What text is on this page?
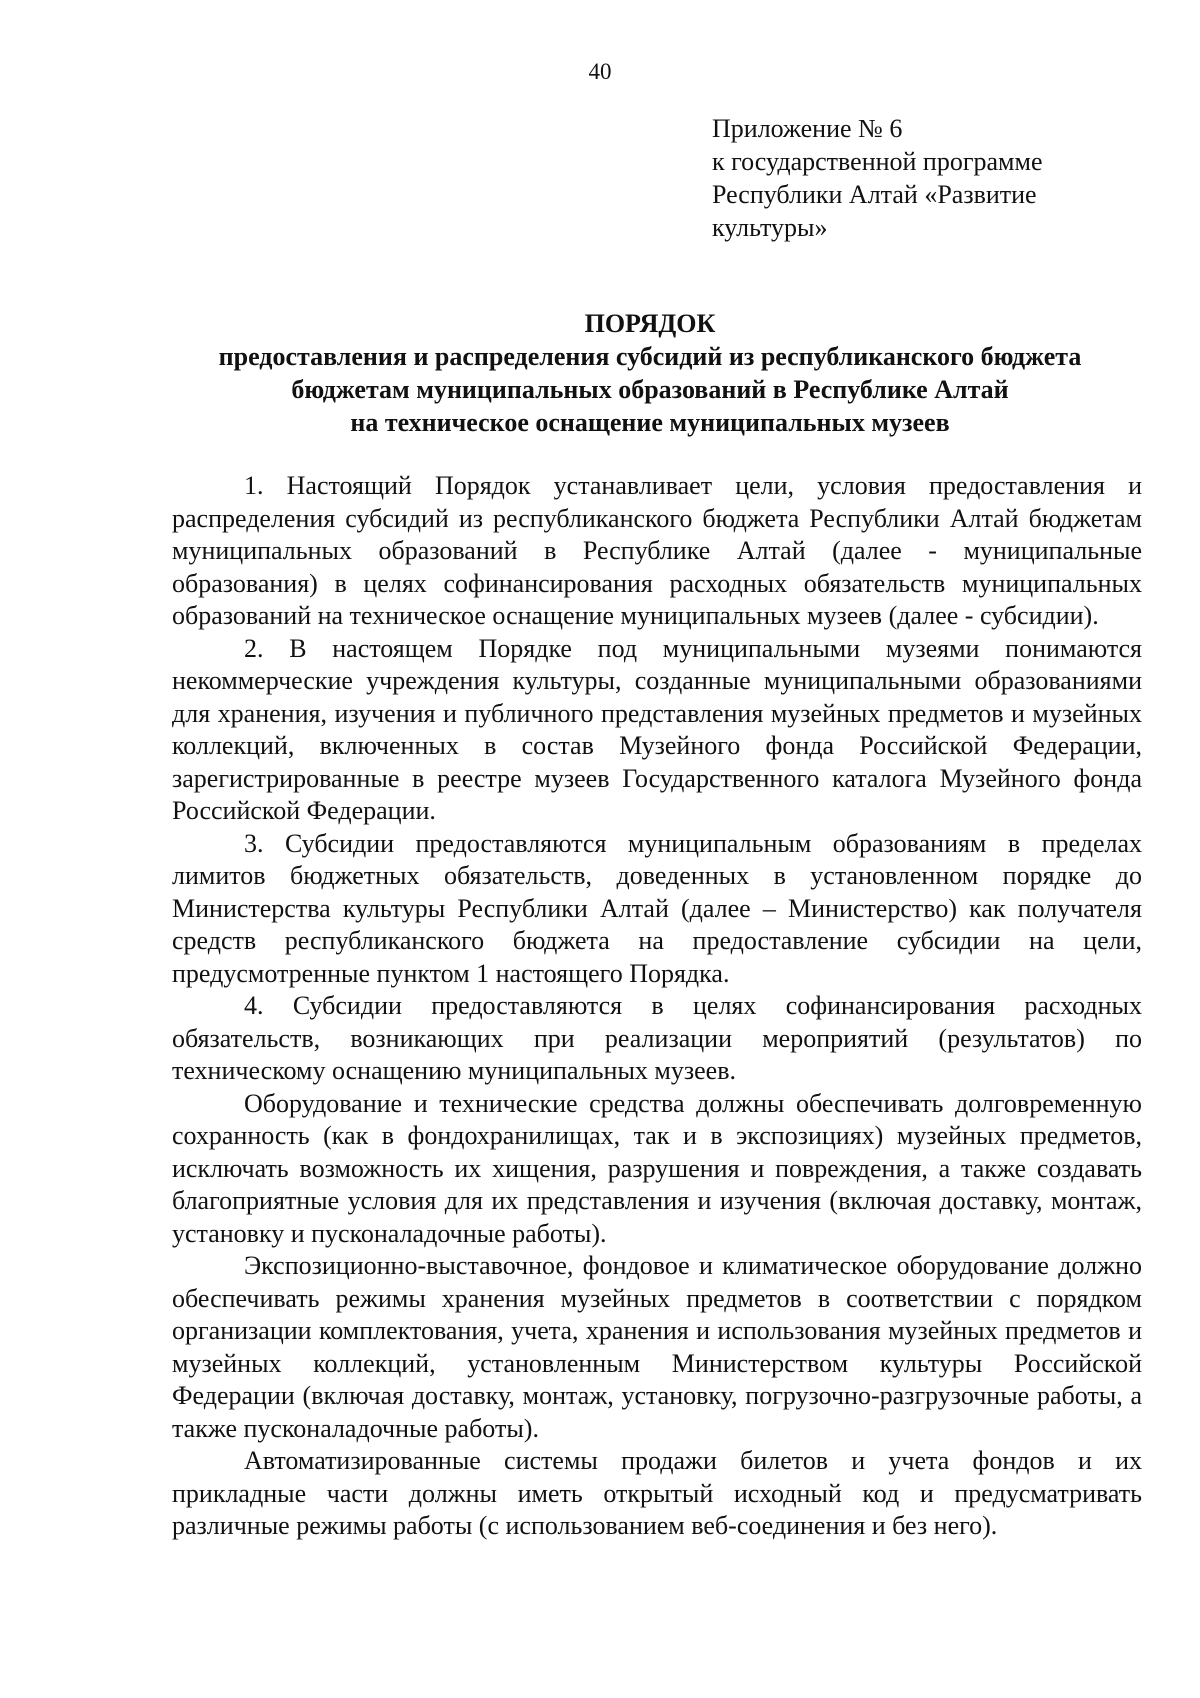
40
Приложение № 6
к государственной программе
Республики Алтай «Развитие
культуры»
ПОРЯДОК
предоставления и распределения субсидий из республиканского бюджета
бюджетам муниципальных образований в Республике Алтай
на техническое оснащение муниципальных музеев

1. Настоящий Порядок устанавливает цели, условия предоставления и распределения субсидий из республиканского бюджета Республики Алтай бюджетам муниципальных образований в Республике Алтай (далее - муниципальные образования) в целях софинансирования расходных обязательств муниципальных образований на техническое оснащение муниципальных музеев (далее - субсидии).

2. В настоящем Порядке под муниципальными музеями понимаются некоммерческие учреждения культуры, созданные муниципальными образованиями для хранения, изучения и публичного представления музейных предметов и музейных коллекций, включенных в состав Музейного фонда Российской Федерации, зарегистрированные в реестре музеев Государственного каталога Музейного фонда Российской Федерации.

3. Субсидии предоставляются муниципальным образованиям в пределах лимитов бюджетных обязательств, доведенных в установленном порядке до Министерства культуры Республики Алтай (далее – Министерство) как получателя средств республиканского бюджета на предоставление субсидии на цели, предусмотренные пунктом 1 настоящего Порядка.

4. Субсидии предоставляются в целях софинансирования расходных обязательств, возникающих при реализации мероприятий (результатов) по техническому оснащению муниципальных музеев.

Оборудование и технические средства должны обеспечивать долговременную сохранность (как в фондохранилищах, так и в экспозициях) музейных предметов, исключать возможность их хищения, разрушения и повреждения, а также создавать благоприятные условия для их представления и изучения (включая доставку, монтаж, установку и пусконаладочные работы).

Экспозиционно-выставочное, фондовое и климатическое оборудование должно обеспечивать режимы хранения музейных предметов в соответствии с порядком организации комплектования, учета, хранения и использования музейных предметов и музейных коллекций, установленным Министерством культуры Российской Федерации (включая доставку, монтаж, установку, погрузочно-разгрузочные работы, а также пусконаладочные работы).

Автоматизированные системы продажи билетов и учета фондов и их прикладные части должны иметь открытый исходный код и предусматривать различные режимы работы (с использованием веб-соединения и без него).
